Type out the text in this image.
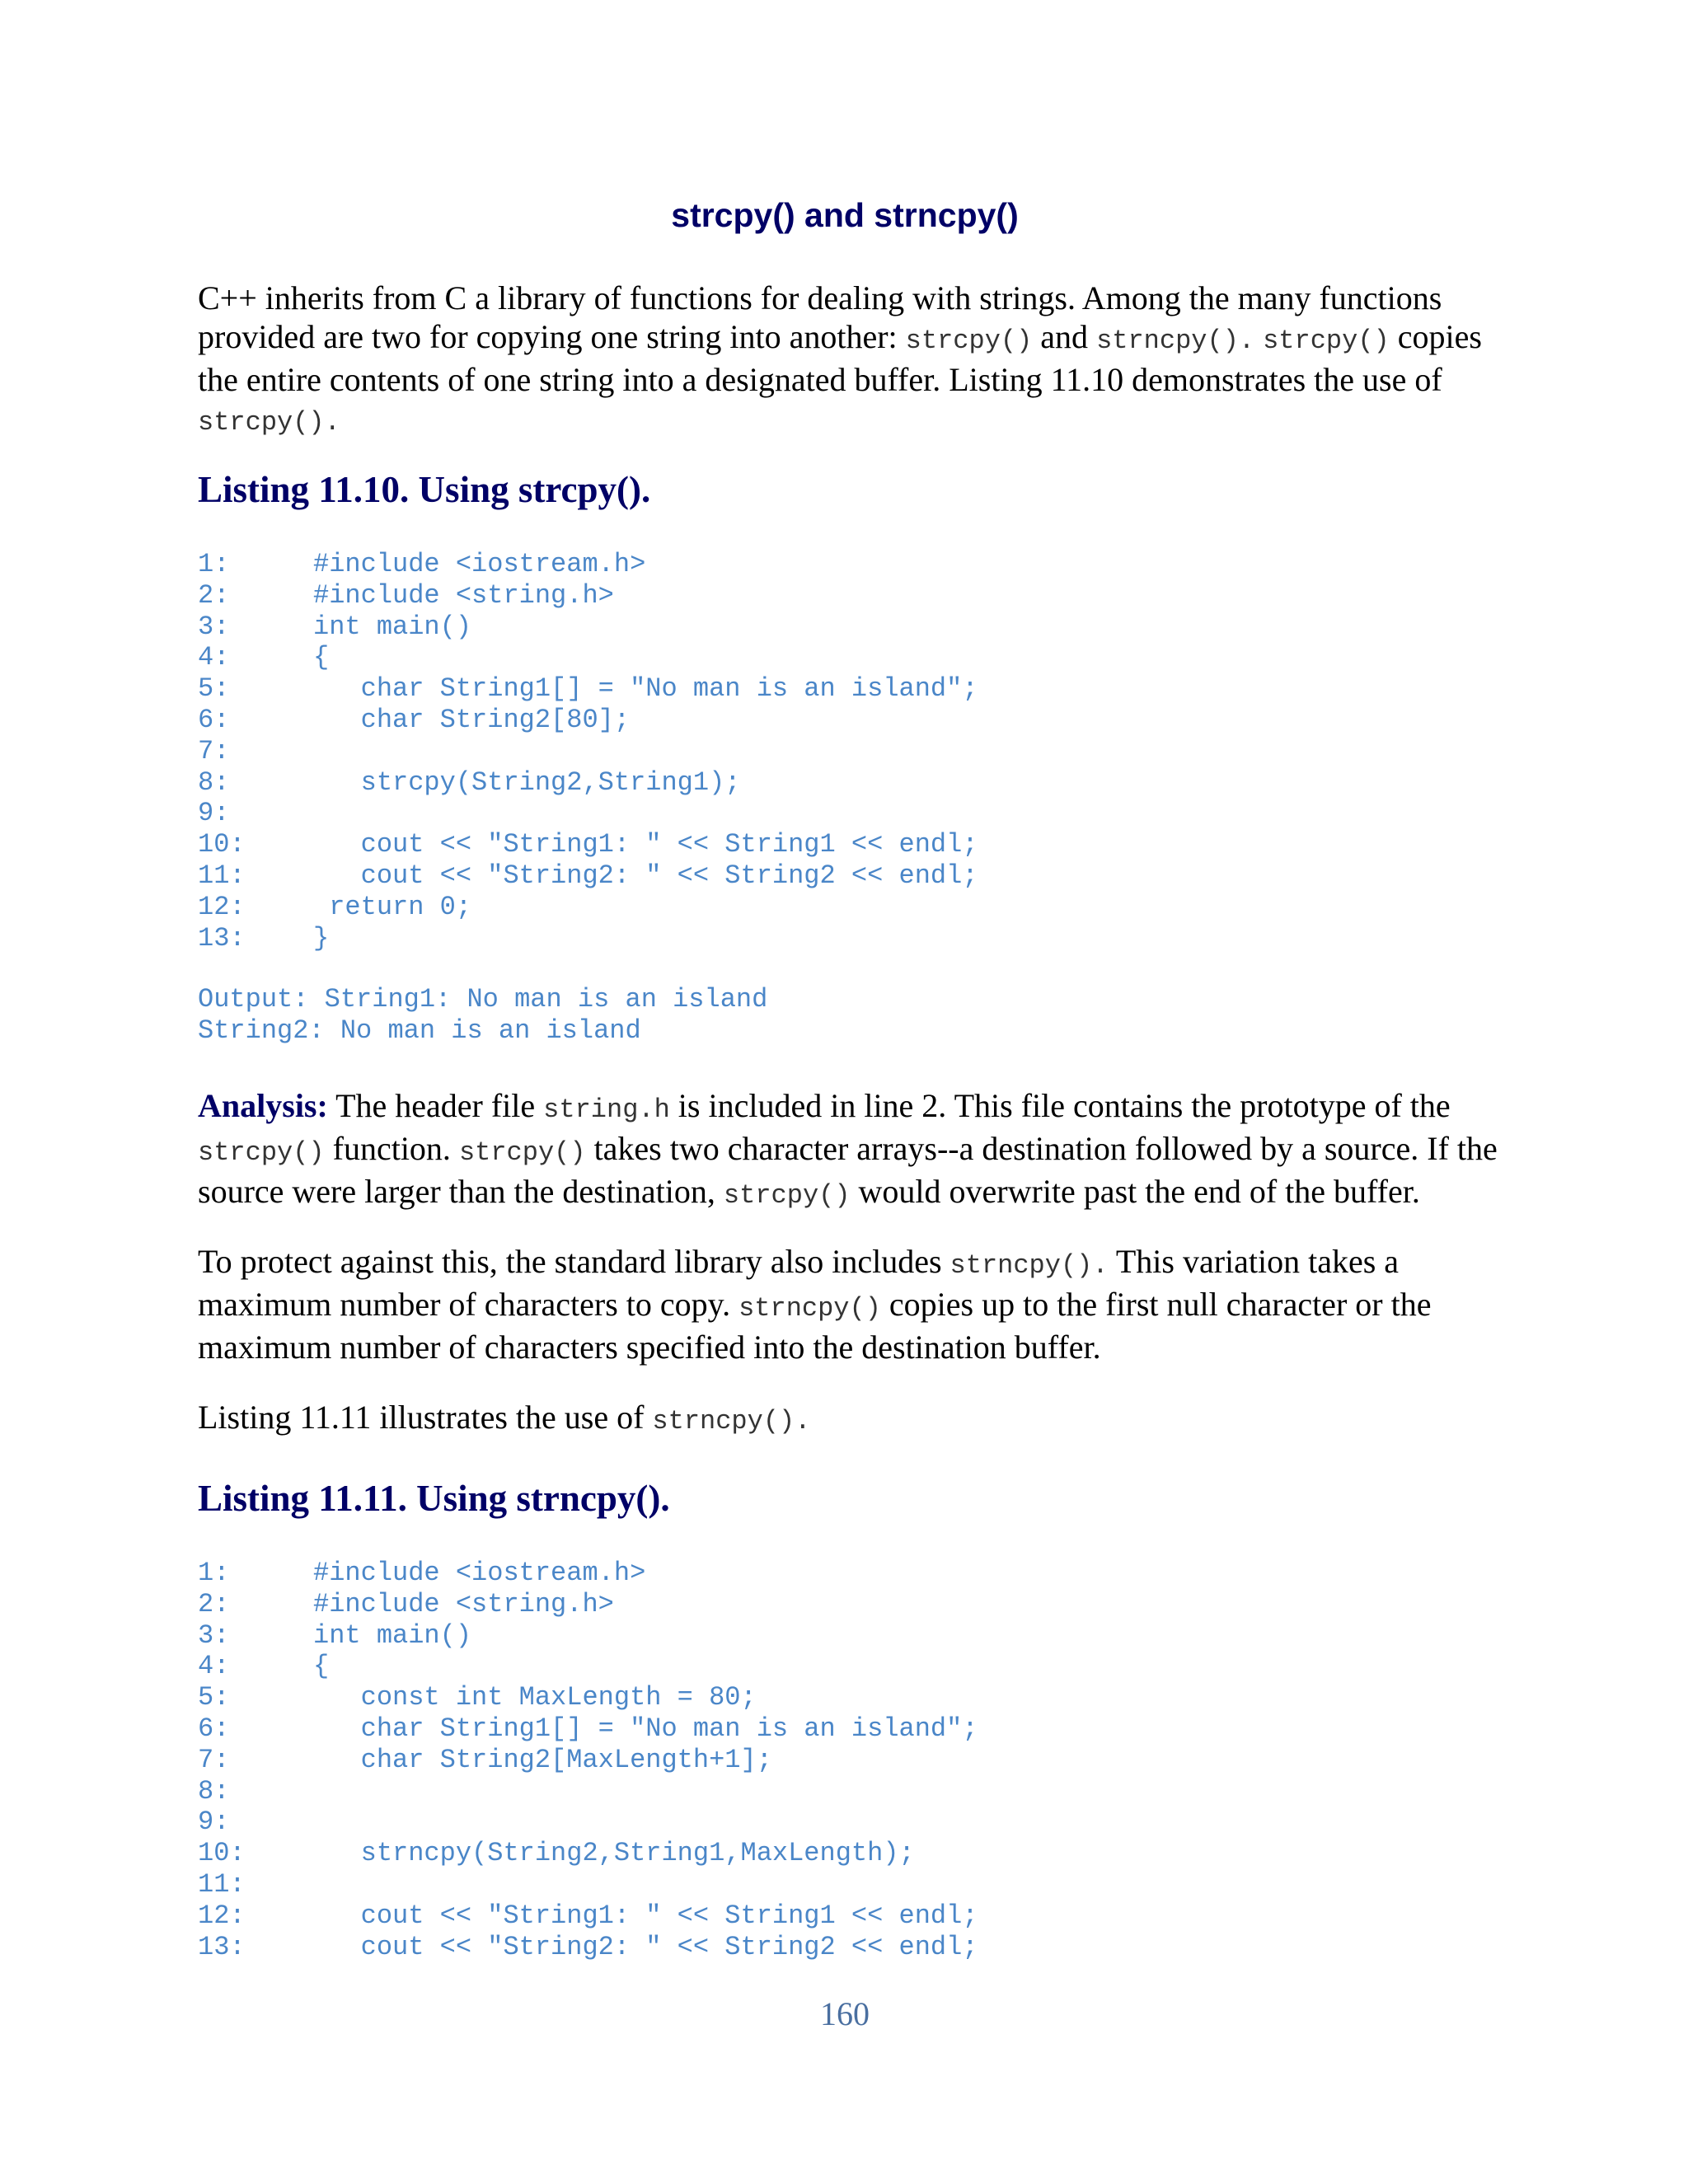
strcpy() and strncpy()

C++ inherits from C a library of functions for dealing with strings. Among the many functions provided are two for copying one string into another: strcpy() and strncpy(). strcpy() copies the entire contents of one string into a designated buffer. Listing 11.10 demonstrates the use of strcpy().

Listing 11.10. Using strcpy().
1:	#include <iostream.h>
2:	#include <string.h>
3:	int main()
4:	{
5:	char String1[] = "No man is an island";
6:	char String2[80];
7:
8:	strcpy(String2,String1);
9:
10:	cout << "String1: " << String1 << endl;
11:	cout << "String2: " << String2 << endl;
12:	return 0;
13:	}
Output: String1: No man is an island
String2: No man is an island

Analysis: The header file string.h is included in line 2. This file contains the prototype of the strcpy() function. strcpy() takes two character arrays--a destination followed by a source. If the source were larger than the destination, strcpy() would overwrite past the end of the buffer.

To protect against this, the standard library also includes strncpy(). This variation takes a maximum number of characters to copy. strncpy() copies up to the first null character or the maximum number of characters specified into the destination buffer.

Listing 11.11 illustrates the use of strncpy().

Listing 11.11. Using strncpy().
1:	#include <iostream.h>
2:	#include <string.h>
3:	int main()
4:	{
5:	const int MaxLength = 80;
6:	char String1[] = "No man is an island";
7:	char String2[MaxLength+1];
8:
9:
10:	strncpy(String2,String1,MaxLength);
11:
12:	cout << "String1: " << String1 << endl;
13:	cout << "String2: " << String2 << endl;
160
